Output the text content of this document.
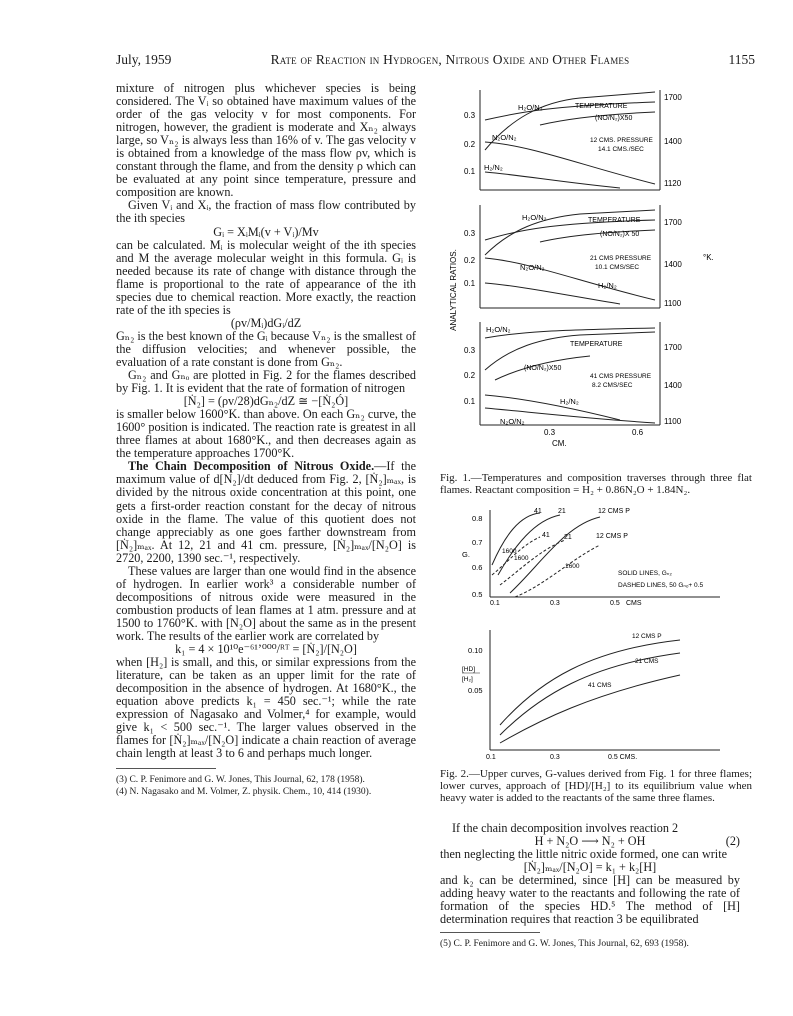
July, 1959	Rate of Reaction in Hydrogen, Nitrous Oxide and Other Flames	1155

mixture of nitrogen plus whichever species is being considered. The Vᵢ so obtained have maximum values of the order of the gas velocity v for most components. For nitrogen, however, the gradient is moderate and Xₙ₂ always large, so Vₙ₂ is always less than 16% of v. The gas velocity v is obtained from a knowledge of the mass flow ρv, which is constant through the flame, and from the density ρ which can be evaluated at any point since temperature, pressure and composition are known.

Given Vᵢ and Xᵢ, the fraction of mass flow contributed by the ith species

Gᵢ = XᵢMᵢ(v + Vᵢ)/Mv

can be calculated. Mᵢ is molecular weight of the ith species and M the average molecular weight in this formula. Gᵢ is needed because its rate of change with distance through the flame is proportional to the rate of appearance of the ith species due to chemical reaction. More exactly, the reaction rate of the ith species is

(ρv/Mᵢ)dGᵢ/dZ

Gₙ₂ is the best known of the Gᵢ because Vₙ₂ is the smallest of the diffusion velocities; and whenever possible, the evaluation of a rate constant is done from Gₙ₂.

Gₙ₂ and Gₙₒ are plotted in Fig. 2 for the flames described by Fig. 1. It is evident that the rate of formation of nitrogen

[Ṅ₂] = (ρv/28)dGₙ₂/dZ ≅ −[Ṅ₂Ó]

is smaller below 1600°K. than above. On each Gₙ₂ curve, the 1600° position is indicated. The reaction rate is greatest in all three flames at about 1680°K., and then decreases again as the temperature approaches 1700°K.

The Chain Decomposition of Nitrous Oxide.—If the maximum value of d[N₂]/dt deduced from Fig. 2, [Ṅ₂]ₘₐₓ, is divided by the nitrous oxide concentration at this point, one gets a first-order reaction constant for the decay of nitrous oxide in the flame. The value of this quotient does not change appreciably as one goes farther downstream from [Ṅ₂]ₘₐₓ. At 12, 21 and 41 cm. pressure, [Ṅ₂]ₘₐₓ/[N₂O] is 2720, 2200, 1390 sec.⁻¹, respectively.

These values are larger than one would find in the absence of hydrogen. In earlier work³ a considerable number of decompositions of nitrous oxide were measured in the combustion products of lean flames at 1 atm. pressure and at 1500 to 1760°K. with [N₂O] about the same as in the present work. The results of the earlier work are correlated by

k₁ = 4 × 10¹⁰e⁻⁶¹ʼ⁰⁰⁰/ᴿᵀ = [Ṅ₂]/[N₂O]

when [H₂] is small, and this, or similar expressions from the literature, can be taken as an upper limit for the rate of decomposition in the absence of hydrogen. At 1680°K., the equation above predicts k₁ = 450 sec.⁻¹; while the rate expression of Nagasako and Volmer,⁴ for example, would give k₁ < 500 sec.⁻¹. The larger values observed in the flames for [Ṅ₂]ₘₐₓ/[N₂O] indicate a chain reaction of average chain length at least 3 to 6 and perhaps much longer.

(3) C. P. Fenimore and G. W. Jones, This Journal, 62, 178 (1958).

(4) N. Nagasako and M. Volmer, Z. physik. Chem., 10, 414 (1930).

ANALYTICAL RATIOS.	°K.
0.3
0.2
0.1
1700
1400
1120
H₂O/N₂
N₂O/N₂
H₂/N₂
TEMPERATURE
(NO/N₂)X50
12 CMS. PRESSURE
14.1 CMS./SEC
0.3
0.2
0.1
1700
1400
1100
H₂O/N₂
N₂O/N₂
H₂/N₂
TEMPERATURE
(NO/N₂)X 50
21 CMS PRESSURE
10.1 CMS/SEC
0.3
0.2
0.1
1700
1400
1100
H₂O/N₂
N₂O/N₂
H₂/N₂
TEMPERATURE
(NO/N₂)X50
41 CMS PRESSURE
8.2 CMS/SEC
0.3	0.6
CM.
Fig. 1.—Temperatures and composition traverses through three flat flames. Reactant composition = H₂ + 0.86N₂O + 1.84N₂.
0.8
0.7
0.6
0.5
G.
0.1	0.3	0.5 CMS
41 21	12 CMS P
41 21	12 CMS P
1600
1600
1600
SOLID LINES, Gₙ₂
DASHED LINES, 50 Gₙₒ+ 0.5
0.10
0.05
[HD]
[H₂]
12 CMS P
21 CMS
41 CMS
0.1	0.3	0.5 CMS.
Fig. 2.—Upper curves, G-values derived from Fig. 1 for three flames; lower curves, approach of [HD]/[H₂] to its equilibrium value when heavy water is added to the reactants of the same three flames.

If the chain decomposition involves reaction 2

H + N₂O ⟶ N₂ + OH	(2)

then neglecting the little nitric oxide formed, one can write

[Ṅ₂]ₘₐₓ/[N₂O] = k₁ + k₂[H]

and k₂ can be determined, since [H] can be measured by adding heavy water to the reactants and following the rate of formation of the species HD.⁵ The method of [H] determination requires that reaction 3 be equilibrated

(5) C. P. Fenimore and G. W. Jones, This Journal, 62, 693 (1958).
